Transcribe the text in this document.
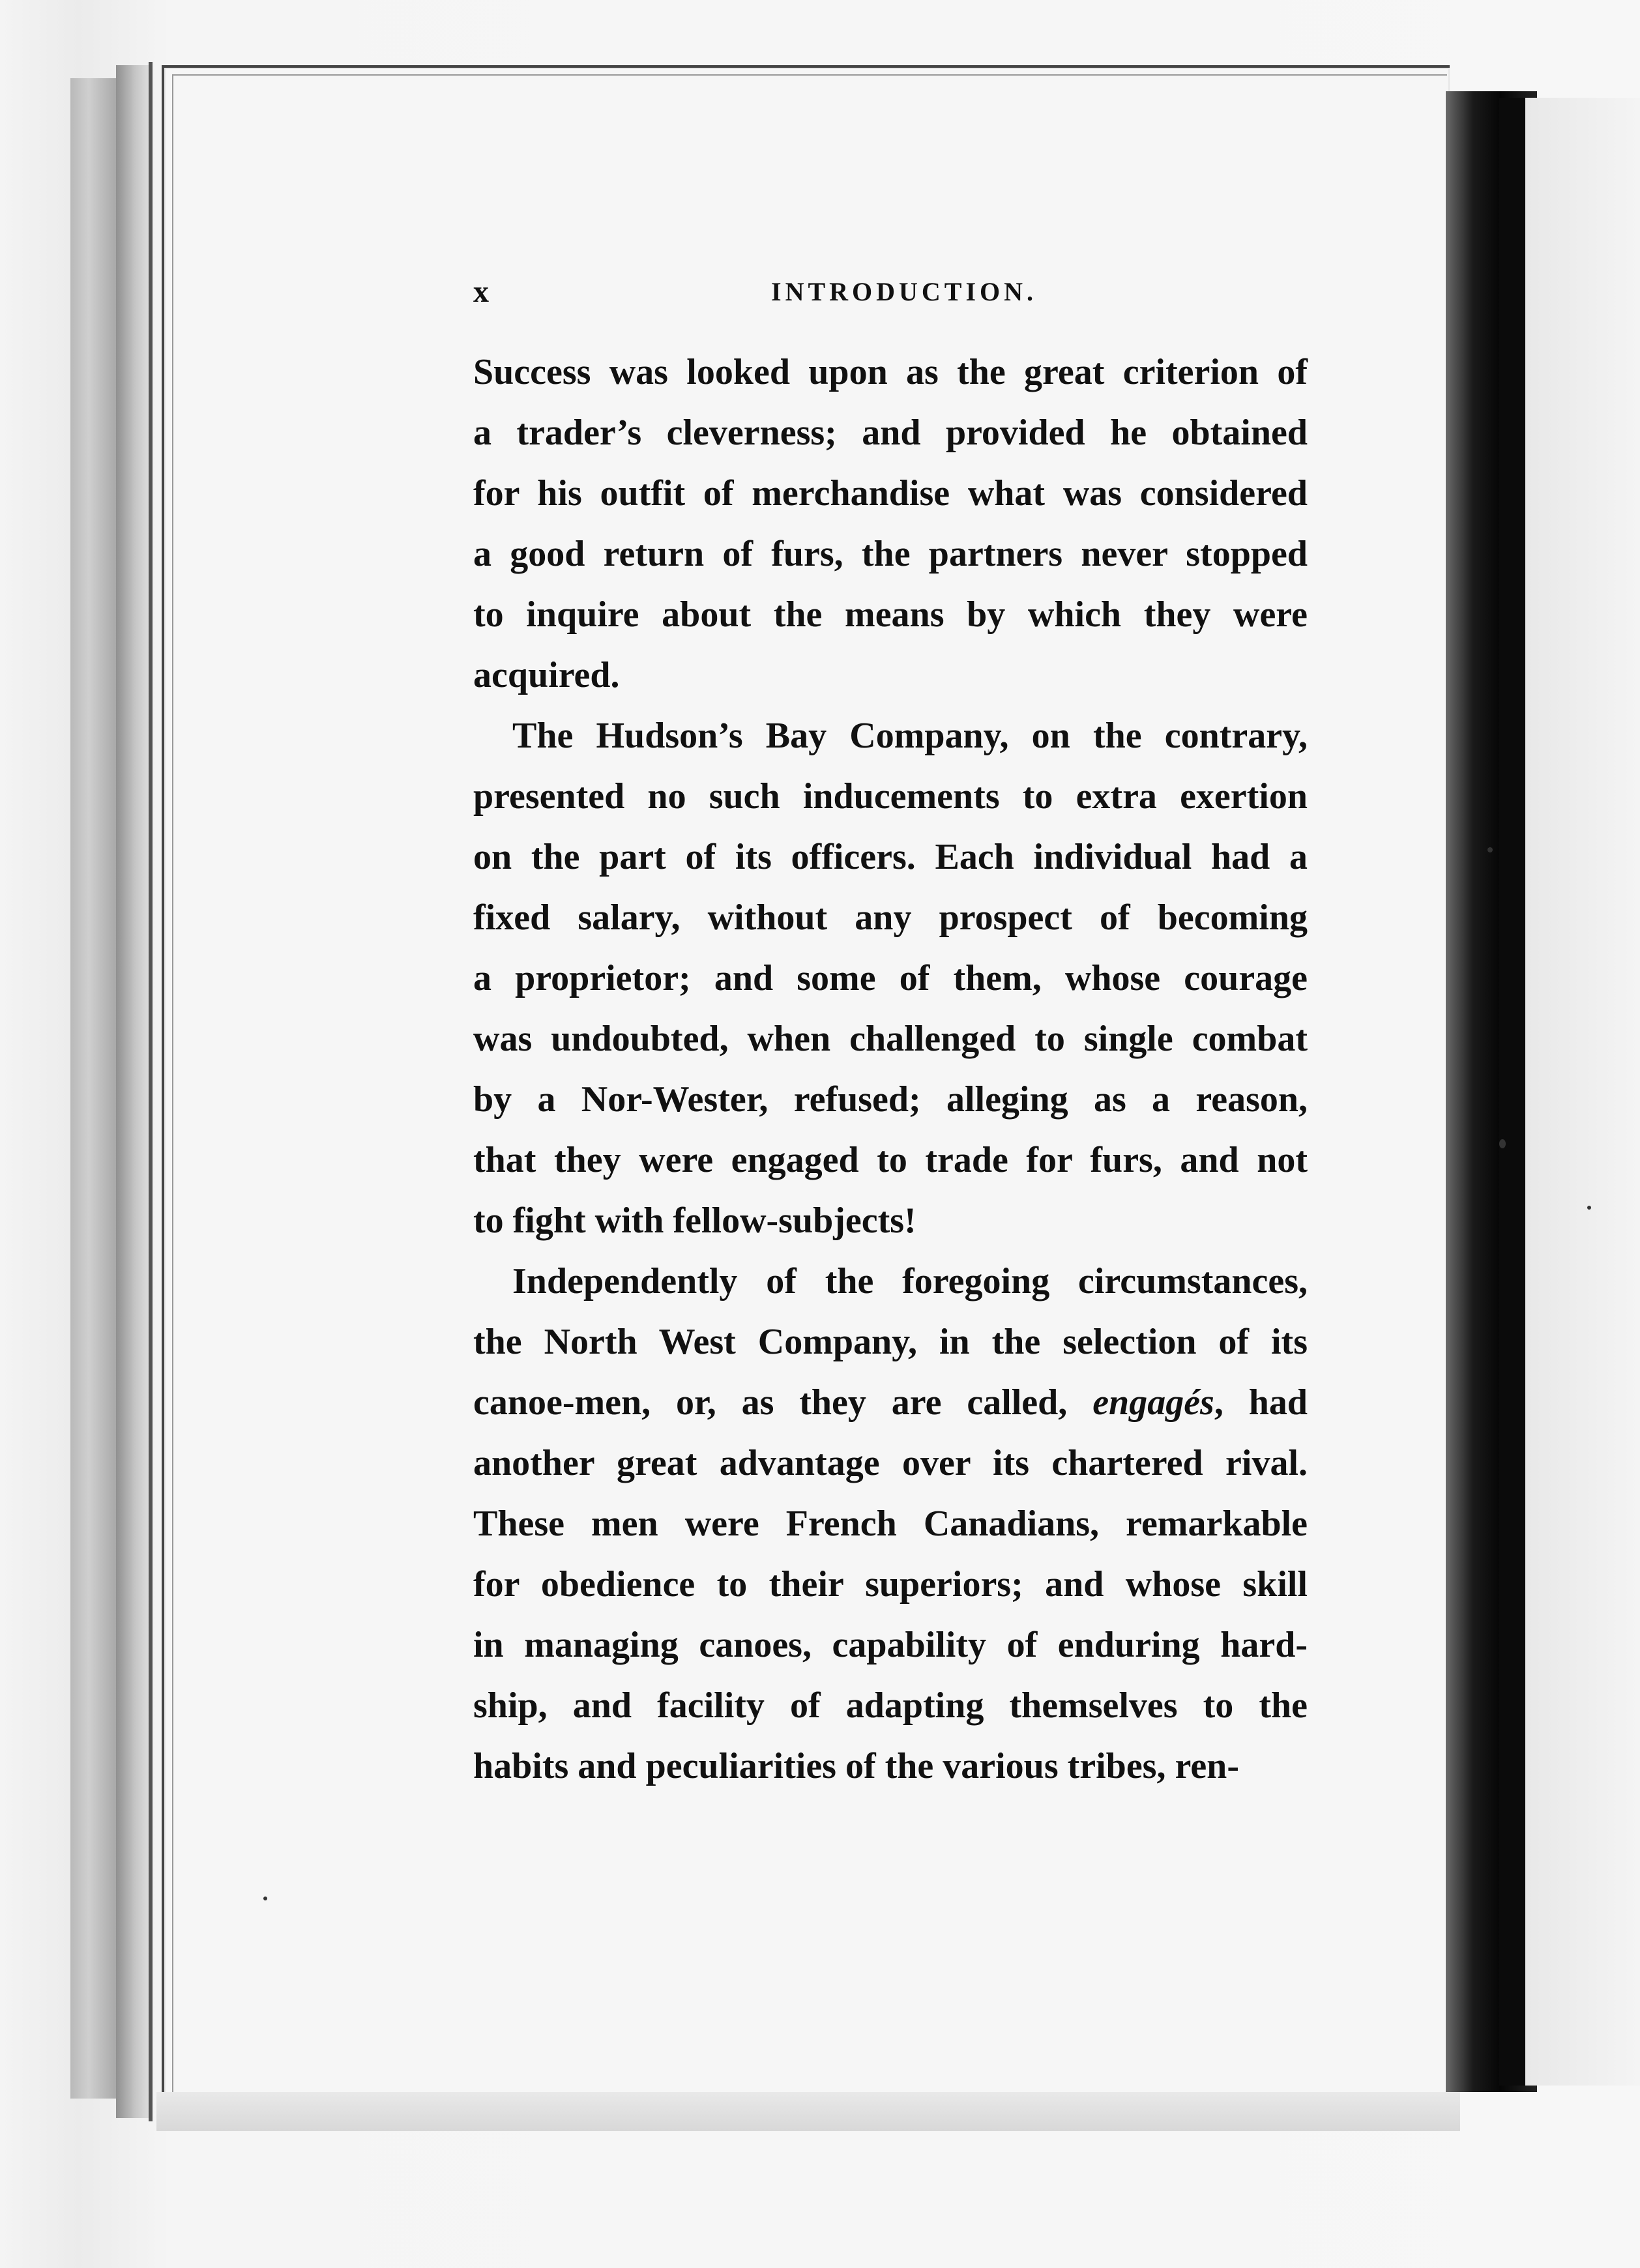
x	INTRODUCTION.
Success was looked upon as the great criterion of
a trader’s cleverness; and provided he obtained
for his outfit of merchandise what was considered
a good return of furs, the partners never stopped
to inquire about the means by which they were
acquired.
The Hudson’s Bay Company, on the contrary,
presented no such inducements to extra exertion
on the part of its officers. Each individual had a
fixed salary, without any prospect of becoming
a proprietor; and some of them, whose courage
was undoubted, when challenged to single combat
by a Nor-Wester, refused; alleging as a reason,
that they were engaged to trade for furs, and not
to fight with fellow-subjects!
Independently of the foregoing circumstances,
the North West Company, in the selection of its
canoe-men, or, as they are called, engagés, had
another great advantage over its chartered rival.
These men were French Canadians, remarkable
for obedience to their superiors; and whose skill
in managing canoes, capability of enduring hard-
ship, and facility of adapting themselves to the
habits and peculiarities of the various tribes, ren-
